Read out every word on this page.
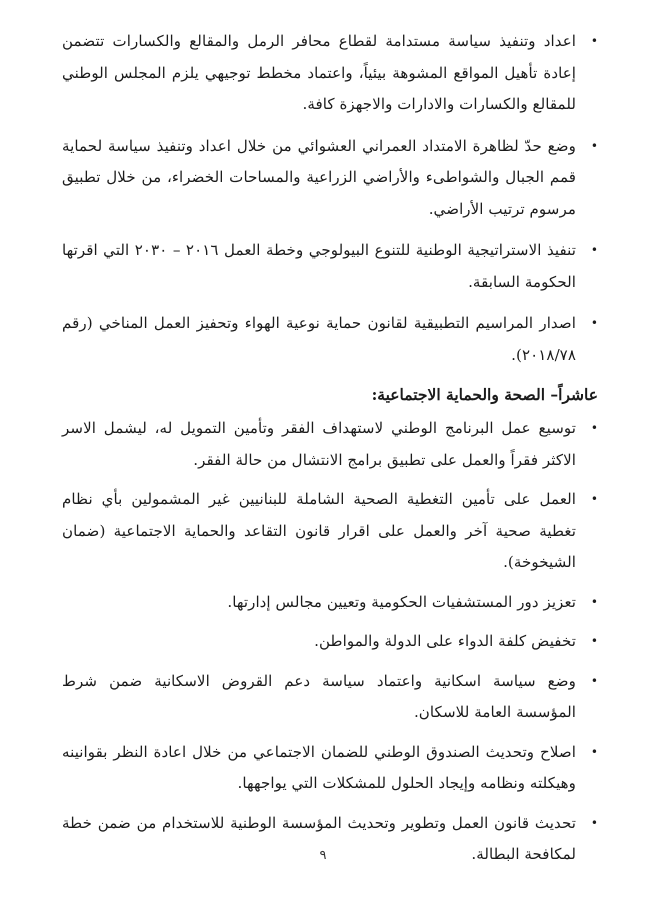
•
اعداد وتنفيذ سياسة مستدامة لقطاع محافر الرمل والمقالع والكسارات تتضمن إعادة تأهيل المواقع المشوهة بيئياً، واعتماد مخطط توجيهي يلزم المجلس الوطني للمقالع والكسارات والادارات والاجهزة كافة.
•
وضع حدّ لظاهرة الامتداد العمراني العشوائي من خلال اعداد وتنفيذ سياسة لحماية قمم الجبال والشواطىء والأراضي الزراعية والمساحات الخضراء، من خلال تطبيق مرسوم ترتيب الأراضي.
•
تنفيذ الاستراتيجية الوطنية للتنوع البيولوجي وخطة العمل ٢٠١٦ – ٢٠٣٠ التي اقرتها الحكومة السابقة.
•
اصدار المراسيم التطبيقية لقانون حماية نوعية الهواء وتحفيز العمل المناخي (رقم ٢٠١٨/٧٨).
عاشراً– الصحة والحماية الاجتماعية:
•
توسيع عمل البرنامج الوطني لاستهداف الفقر وتأمين التمويل له، ليشمل الاسر الاكثر فقراً والعمل على تطبيق برامج الانتشال من حالة الفقر.
•
العمل على تأمين التغطية الصحية الشاملة للبنانيين غير المشمولين بأي نظام تغطية صحية آخر والعمل على اقرار قانون التقاعد والحماية الاجتماعية (ضمان الشيخوخة).
•
تعزيز دور المستشفيات الحكومية وتعيين مجالس إدارتها.
•
تخفيض كلفة الدواء على الدولة والمواطن.
•
وضع سياسة اسكانية واعتماد سياسة دعم القروض الاسكانية ضمن شرط المؤسسة العامة للاسكان.
•
اصلاح وتحديث الصندوق الوطني للضمان الاجتماعي من خلال اعادة النظر بقوانينه وهيكلته ونظامه وإيجاد الحلول للمشكلات التي يواجهها.
•
تحديث قانون العمل وتطوير وتحديث المؤسسة الوطنية للاستخدام من ضمن خطة لمكافحة البطالة.
٩
